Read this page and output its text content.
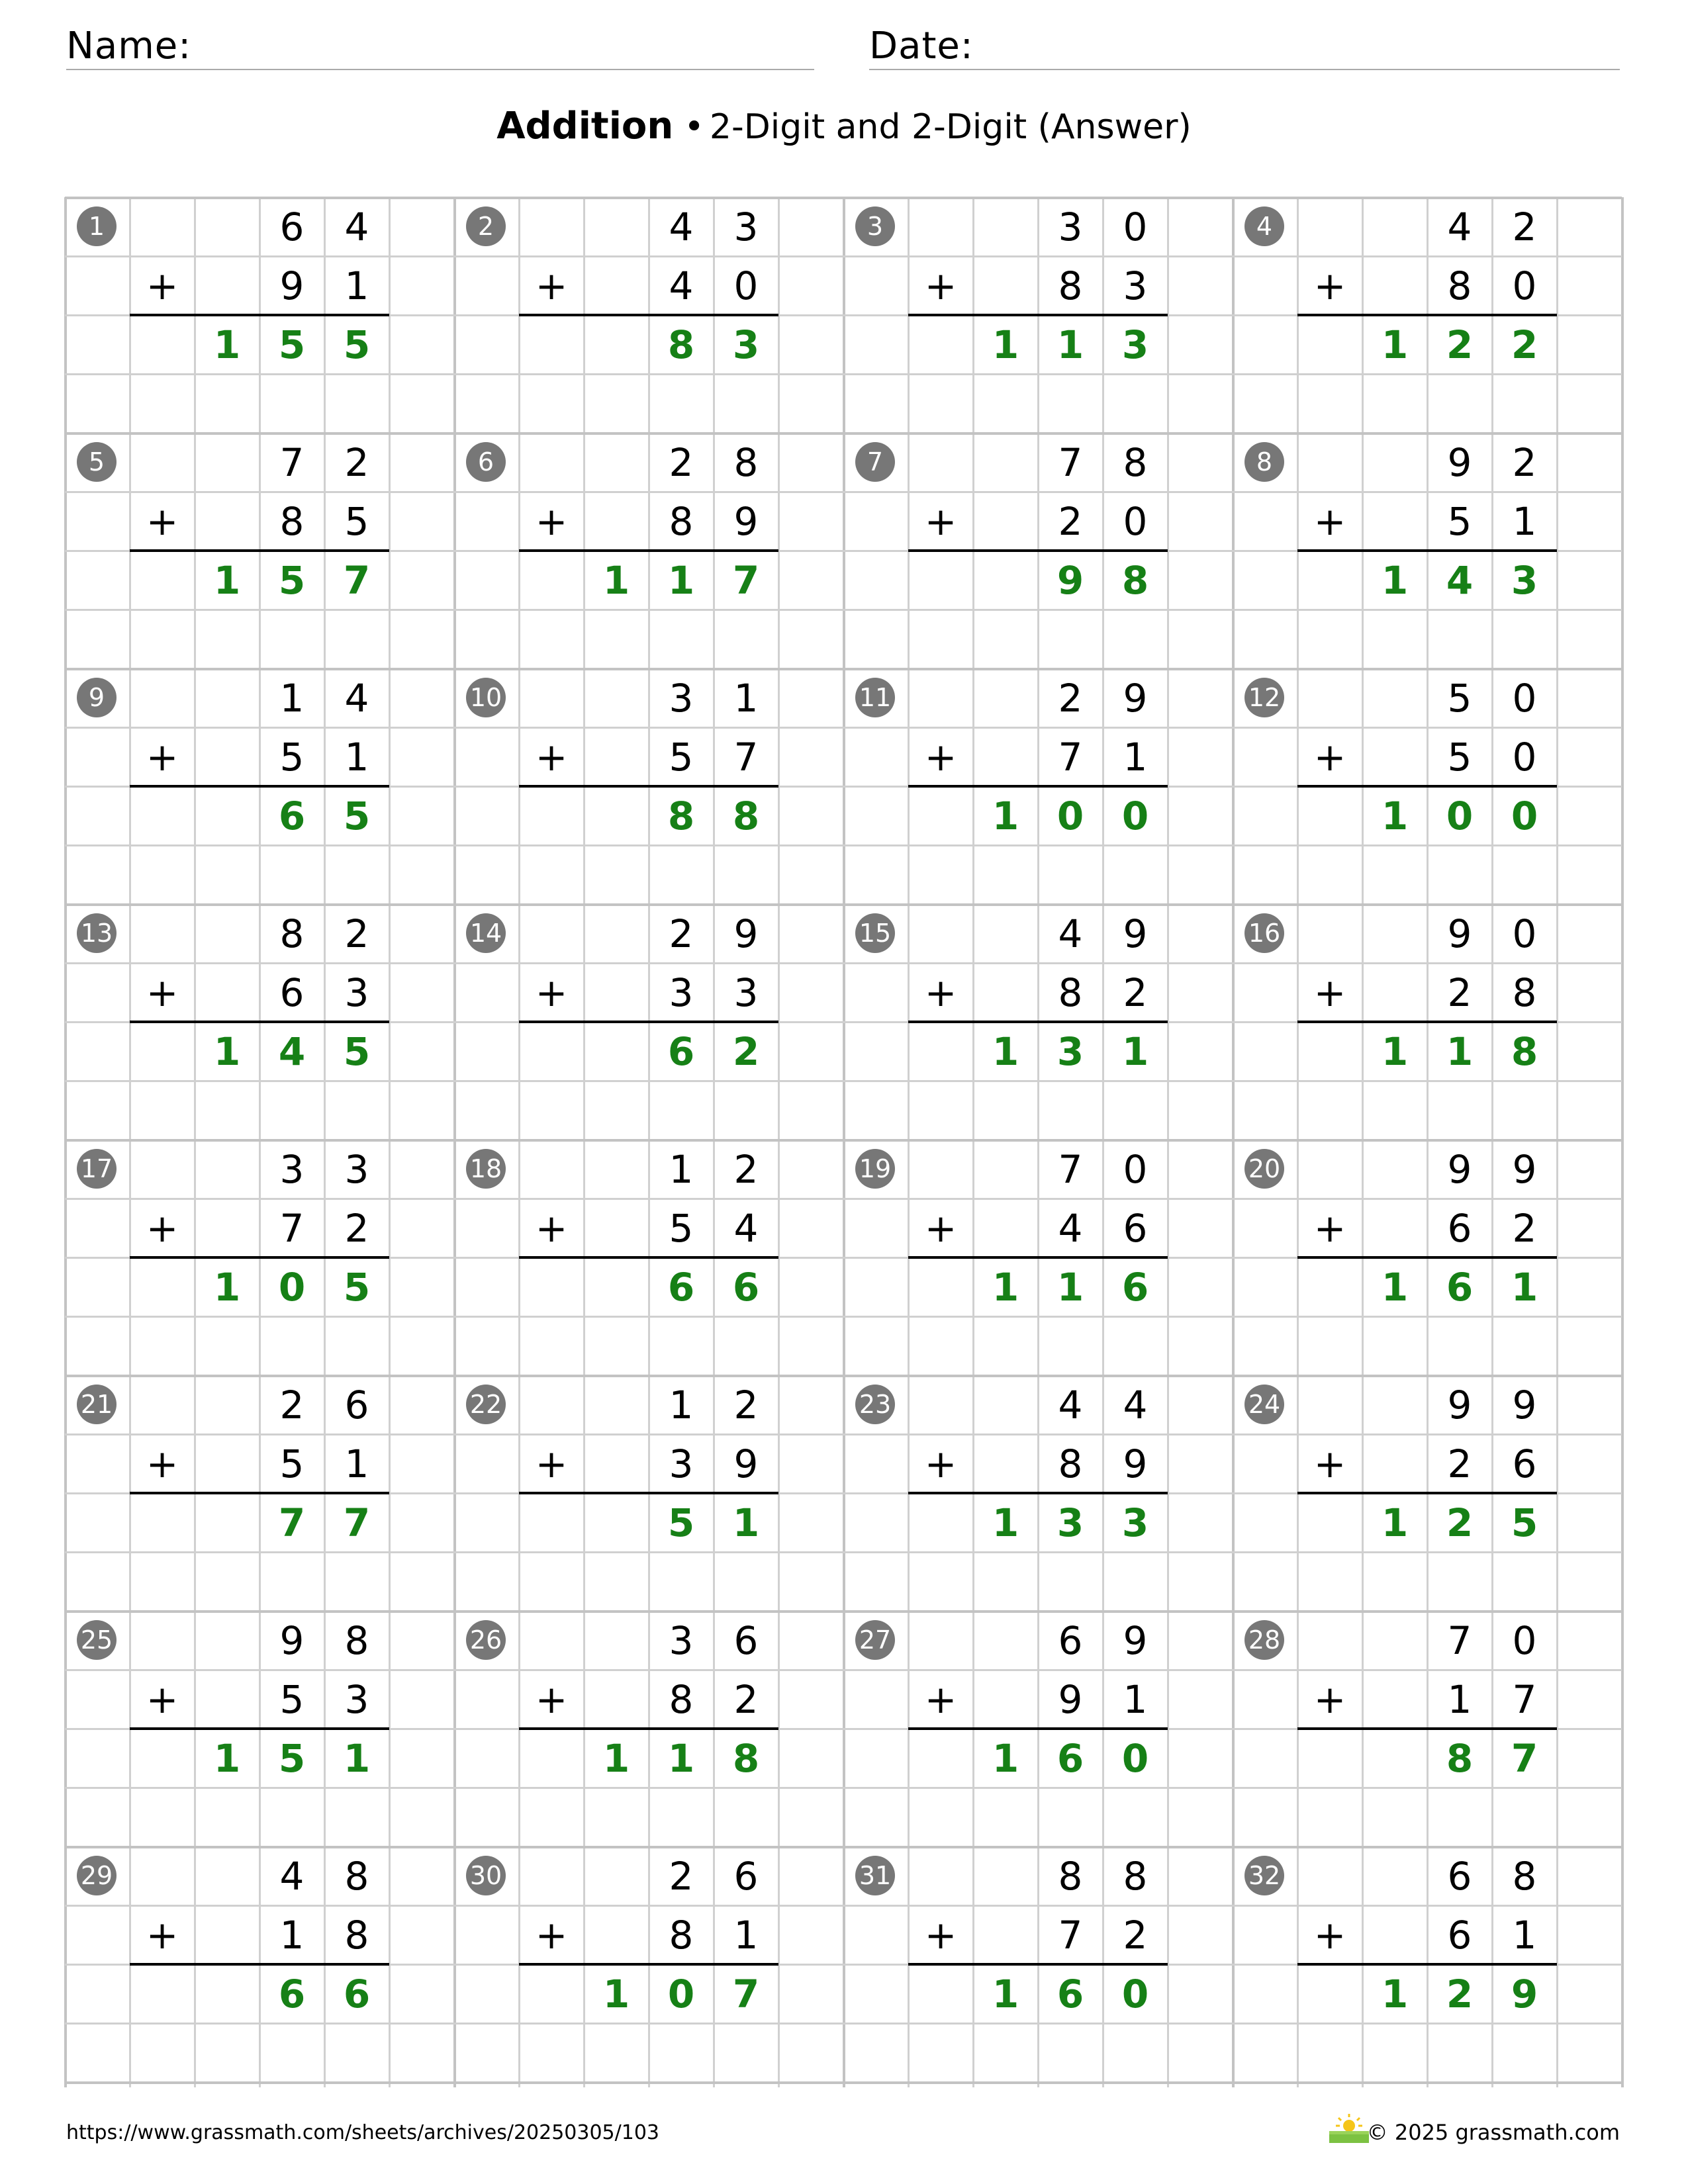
Name:	Date:
Addition • 2-Digit and 2-Digit (Answer)
1	6	4
+	9	1
1 5 5
2	4	3
+	4	0
8 3
3	3	0
+	8	3
1 1 3
4	4	2
+	8	0
1 2 2
5	7	2
+	8	5
1 5 7
6	2	8
+	8	9
1 1 7
7	7	8
+	2	0
9 8
8	9	2
+	5	1
1 4 3
9	1	4
+	5	1
6 5
10	3	1
+	5	7
8 8
11	2	9
+	7	1
1 0 0
12	5	0
+	5	0
1 0 0
13	8	2
+	6	3
1 4 5
14	2	9
+	3	3
6 2
15	4	9
+	8	2
1 3 1
16	9	0
+	2	8
1 1 8
17	3	3
+	7	2
1 0 5
18	1	2
+	5	4
6 6
19	7	0
+	4	6
1 1 6
20	9	9
+	6	2
1 6 1
21	2	6
+	5	1
7 7
22	1	2
+	3	9
5 1
23	4	4
+	8	9
1 3 3
24	9	9
+	2	6
1 2 5
25	9	8
+	5	3
1 5 1
26	3	6
+	8	2
1 1 8
27	6	9
+	9	1
1 6 0
28	7	0
+	1	7
8 7
29	4	8
+	1	8
6 6
30	2	6
+	8	1
1 0 7
31	8	8
+	7	2
1 6 0
32	6	8
+	6	1
1 2 9
https://www.grassmath.com/sheets/archives/20250305/103	© 2025 grassmath.com
